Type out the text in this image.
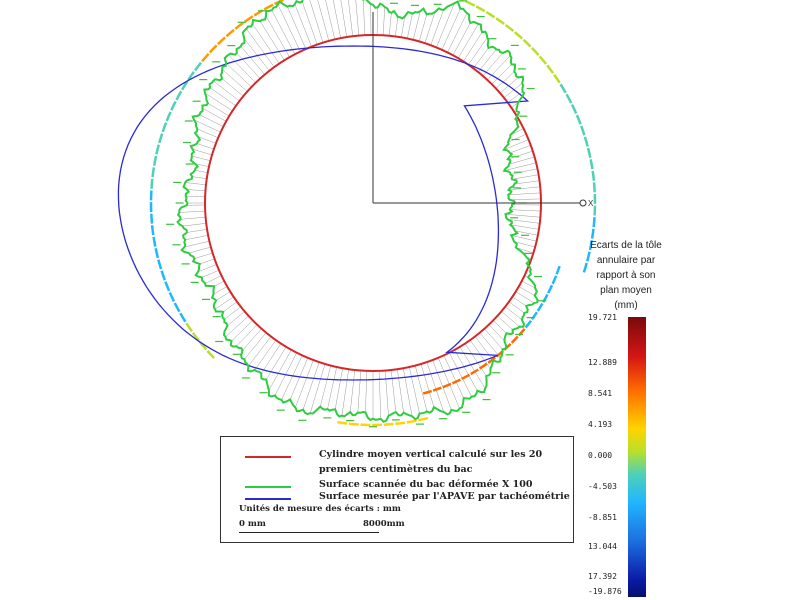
X
Ecarts de la tôle
annulaire par
rapport à son
plan moyen
(mm)
19.721
12.889
8.541
4.193
0.000
-4.503
-8.851
13.044
17.392
-19.876
Cylindre moyen vertical calculé sur les 20
premiers centimètres du bac
Surface scannée du bac déformée X 100
Surface mesurée par l'APAVE par tachéométrie
Unités de mesure des écarts : mm
0 mm	8000mm
